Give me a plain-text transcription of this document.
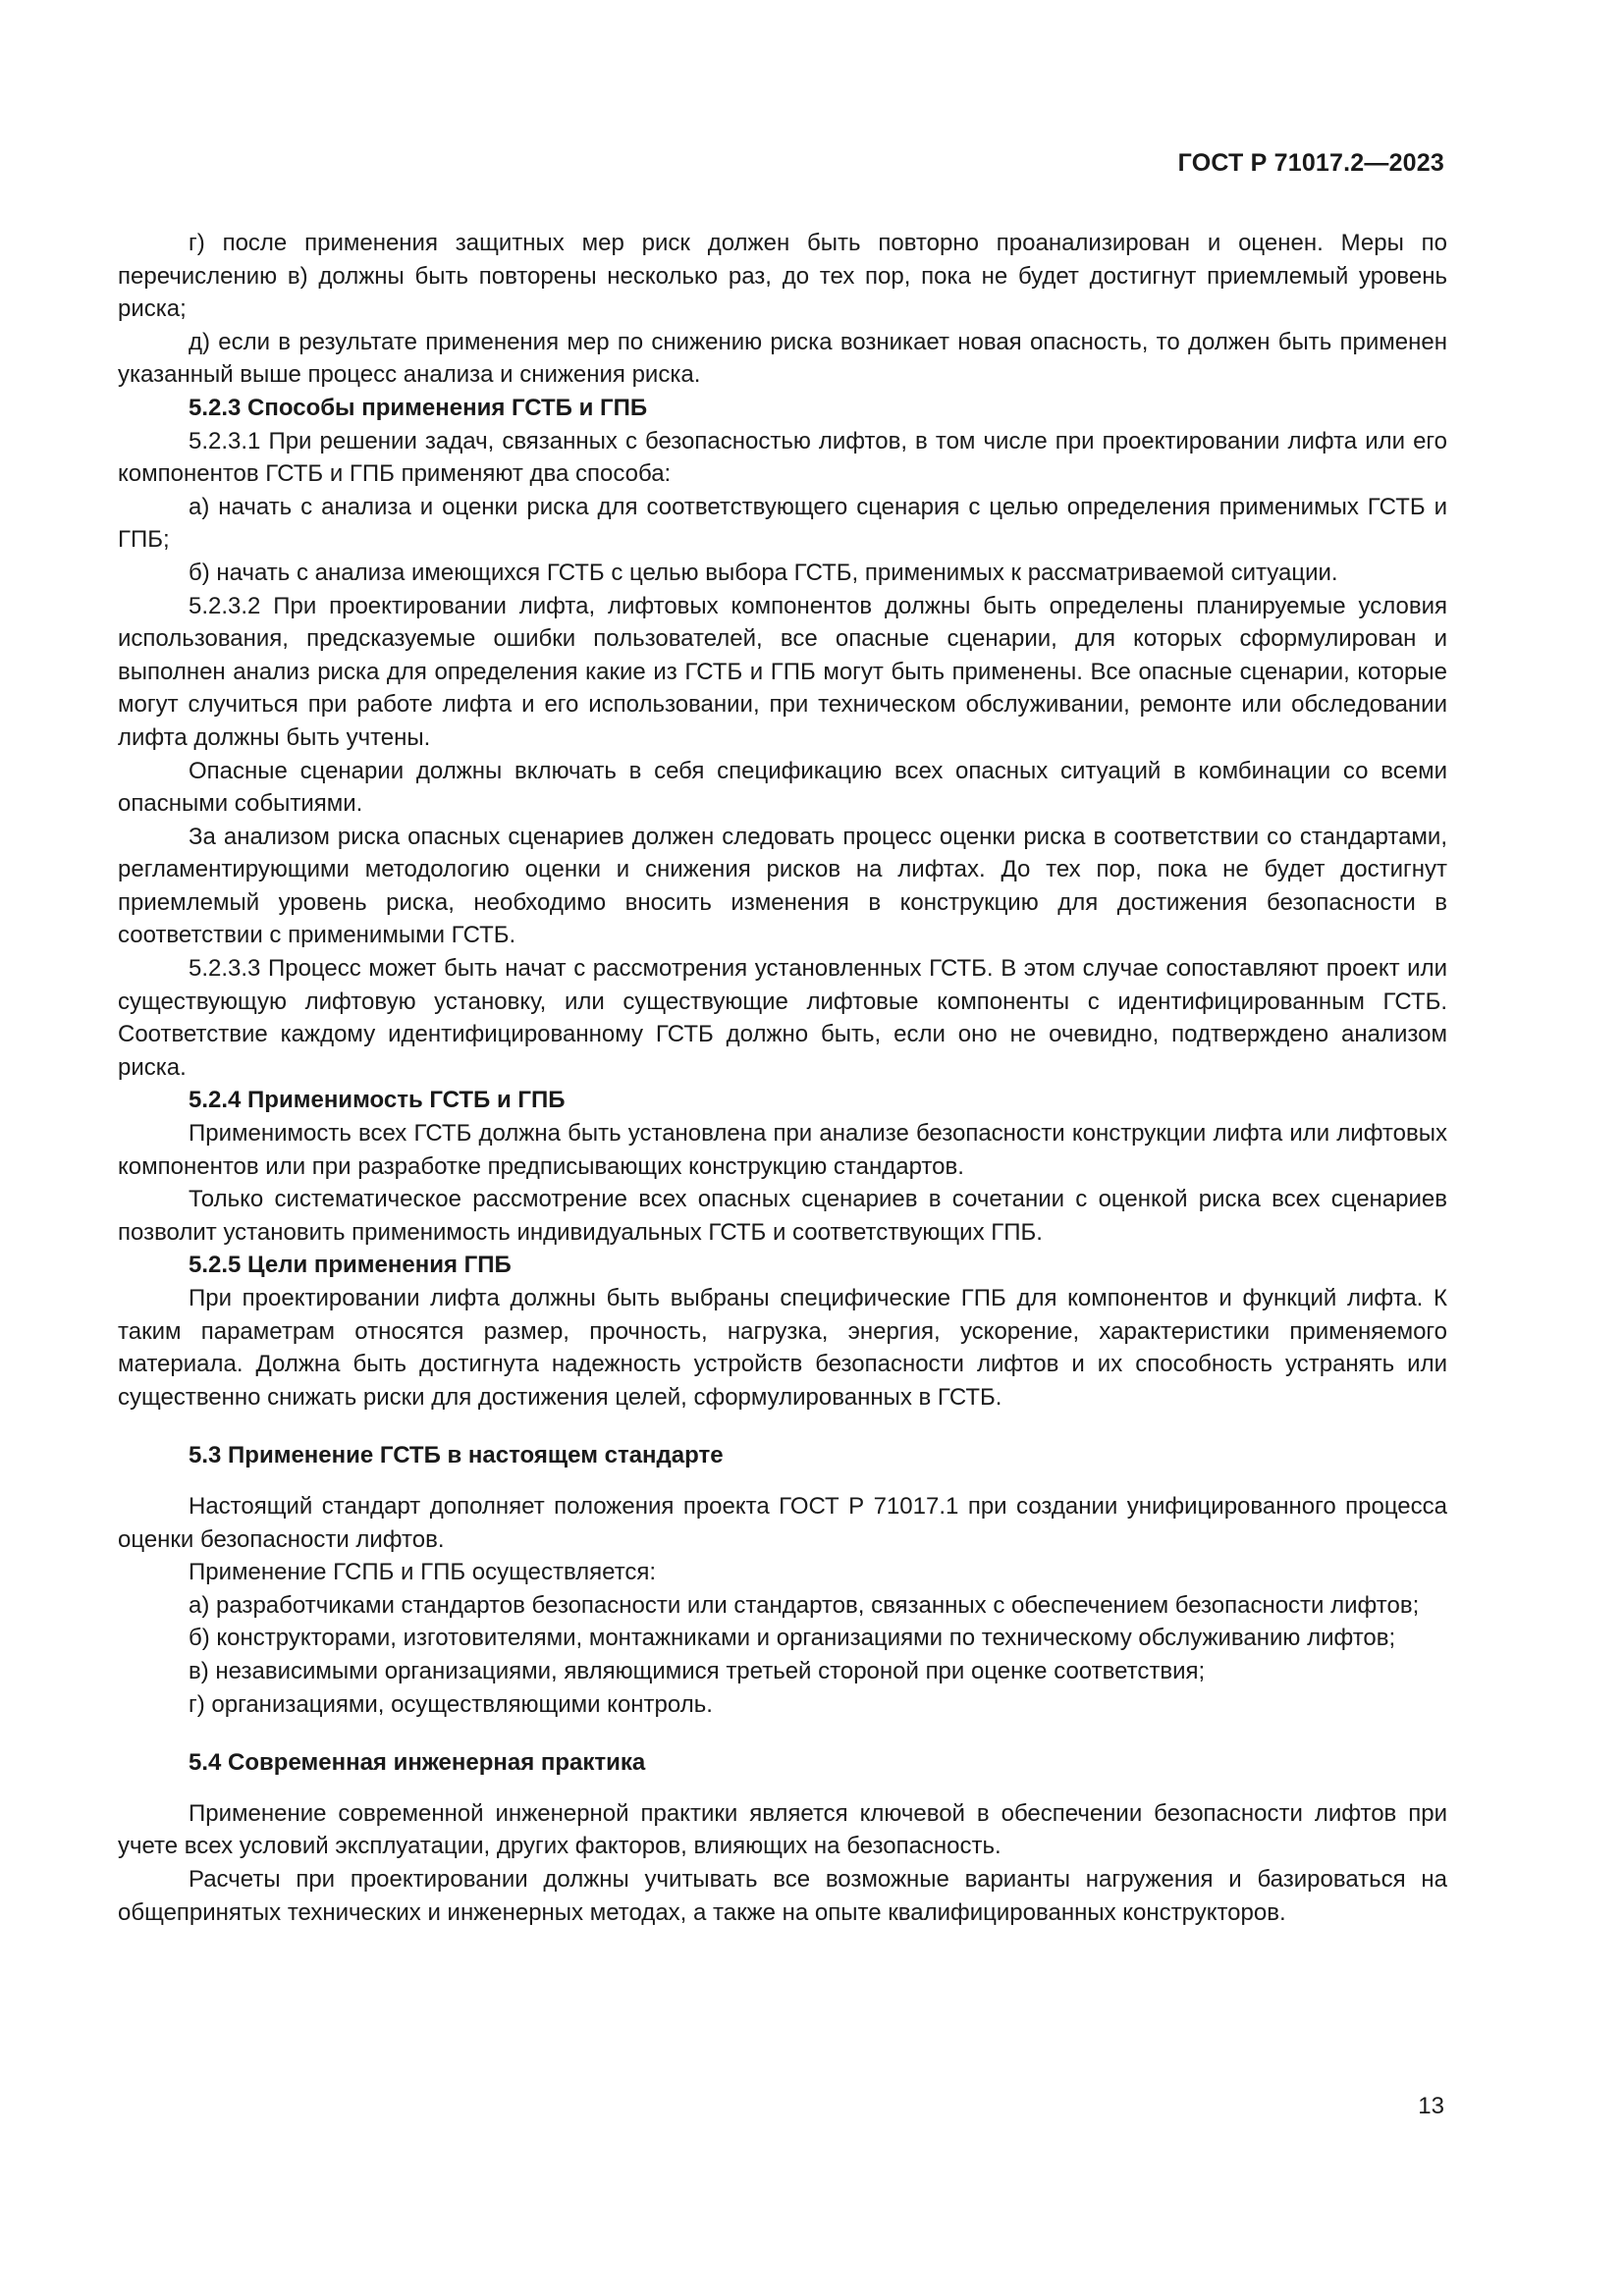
ГОСТ Р 71017.2—2023

г) после применения защитных мер риск должен быть повторно проанализирован и оценен. Меры по перечислению в) должны быть повторены несколько раз, до тех пор, пока не будет достигнут приемлемый уровень риска;

д) если в результате применения мер по снижению риска возникает новая опасность, то должен быть применен указанный выше процесс анализа и снижения риска.

5.2.3 Способы применения ГСТБ и ГПБ

5.2.3.1 При решении задач, связанных с безопасностью лифтов, в том числе при проектировании лифта или его компонентов ГСТБ и ГПБ применяют два способа:

а) начать с анализа и оценки риска для соответствующего сценария с целью определения применимых ГСТБ и ГПБ;

б) начать с анализа имеющихся ГСТБ с целью выбора ГСТБ, применимых к рассматриваемой ситуации.

5.2.3.2 При проектировании лифта, лифтовых компонентов должны быть определены планируемые условия использования, предсказуемые ошибки пользователей, все опасные сценарии, для которых сформулирован и выполнен анализ риска для определения какие из ГСТБ и ГПБ могут быть применены. Все опасные сценарии, которые могут случиться при работе лифта и его использовании, при техническом обслуживании, ремонте или обследовании лифта должны быть учтены.

Опасные сценарии должны включать в себя спецификацию всех опасных ситуаций в комбинации со всеми опасными событиями.

За анализом риска опасных сценариев должен следовать процесс оценки риска в соответствии со стандартами, регламентирующими методологию оценки и снижения рисков на лифтах. До тех пор, пока не будет достигнут приемлемый уровень риска, необходимо вносить изменения в конструкцию для достижения безопасности в соответствии с применимыми ГСТБ.

5.2.3.3 Процесс может быть начат с рассмотрения установленных ГСТБ. В этом случае сопоставляют проект или существующую лифтовую установку, или существующие лифтовые компоненты с идентифицированным ГСТБ. Соответствие каждому идентифицированному ГСТБ должно быть, если оно не очевидно, подтверждено анализом риска.

5.2.4 Применимость ГСТБ и ГПБ

Применимость всех ГСТБ должна быть установлена при анализе безопасности конструкции лифта или лифтовых компонентов или при разработке предписывающих конструкцию стандартов.

Только систематическое рассмотрение всех опасных сценариев в сочетании с оценкой риска всех сценариев позволит установить применимость индивидуальных ГСТБ и соответствующих ГПБ.

5.2.5 Цели применения ГПБ

При проектировании лифта должны быть выбраны специфические ГПБ для компонентов и функций лифта. К таким параметрам относятся размер, прочность, нагрузка, энергия, ускорение, характеристики применяемого материала. Должна быть достигнута надежность устройств безопасности лифтов и их способность устранять или существенно снижать риски для достижения целей, сформулированных в ГСТБ.

5.3 Применение ГСТБ в настоящем стандарте

Настоящий стандарт дополняет положения проекта ГОСТ Р 71017.1 при создании унифицированного процесса оценки безопасности лифтов.

Применение ГСПБ и ГПБ осуществляется:

а) разработчиками стандартов безопасности или стандартов, связанных с обеспечением безопасности лифтов;

б) конструкторами, изготовителями, монтажниками и организациями по техническому обслуживанию лифтов;

в) независимыми организациями, являющимися третьей стороной при оценке соответствия;

г) организациями, осуществляющими контроль.

5.4 Современная инженерная практика

Применение современной инженерной практики является ключевой в обеспечении безопасности лифтов при учете всех условий эксплуатации, других факторов, влияющих на безопасность.

Расчеты при проектировании должны учитывать все возможные варианты нагружения и базироваться на общепринятых технических и инженерных методах, а также на опыте квалифицированных конструкторов.

13
